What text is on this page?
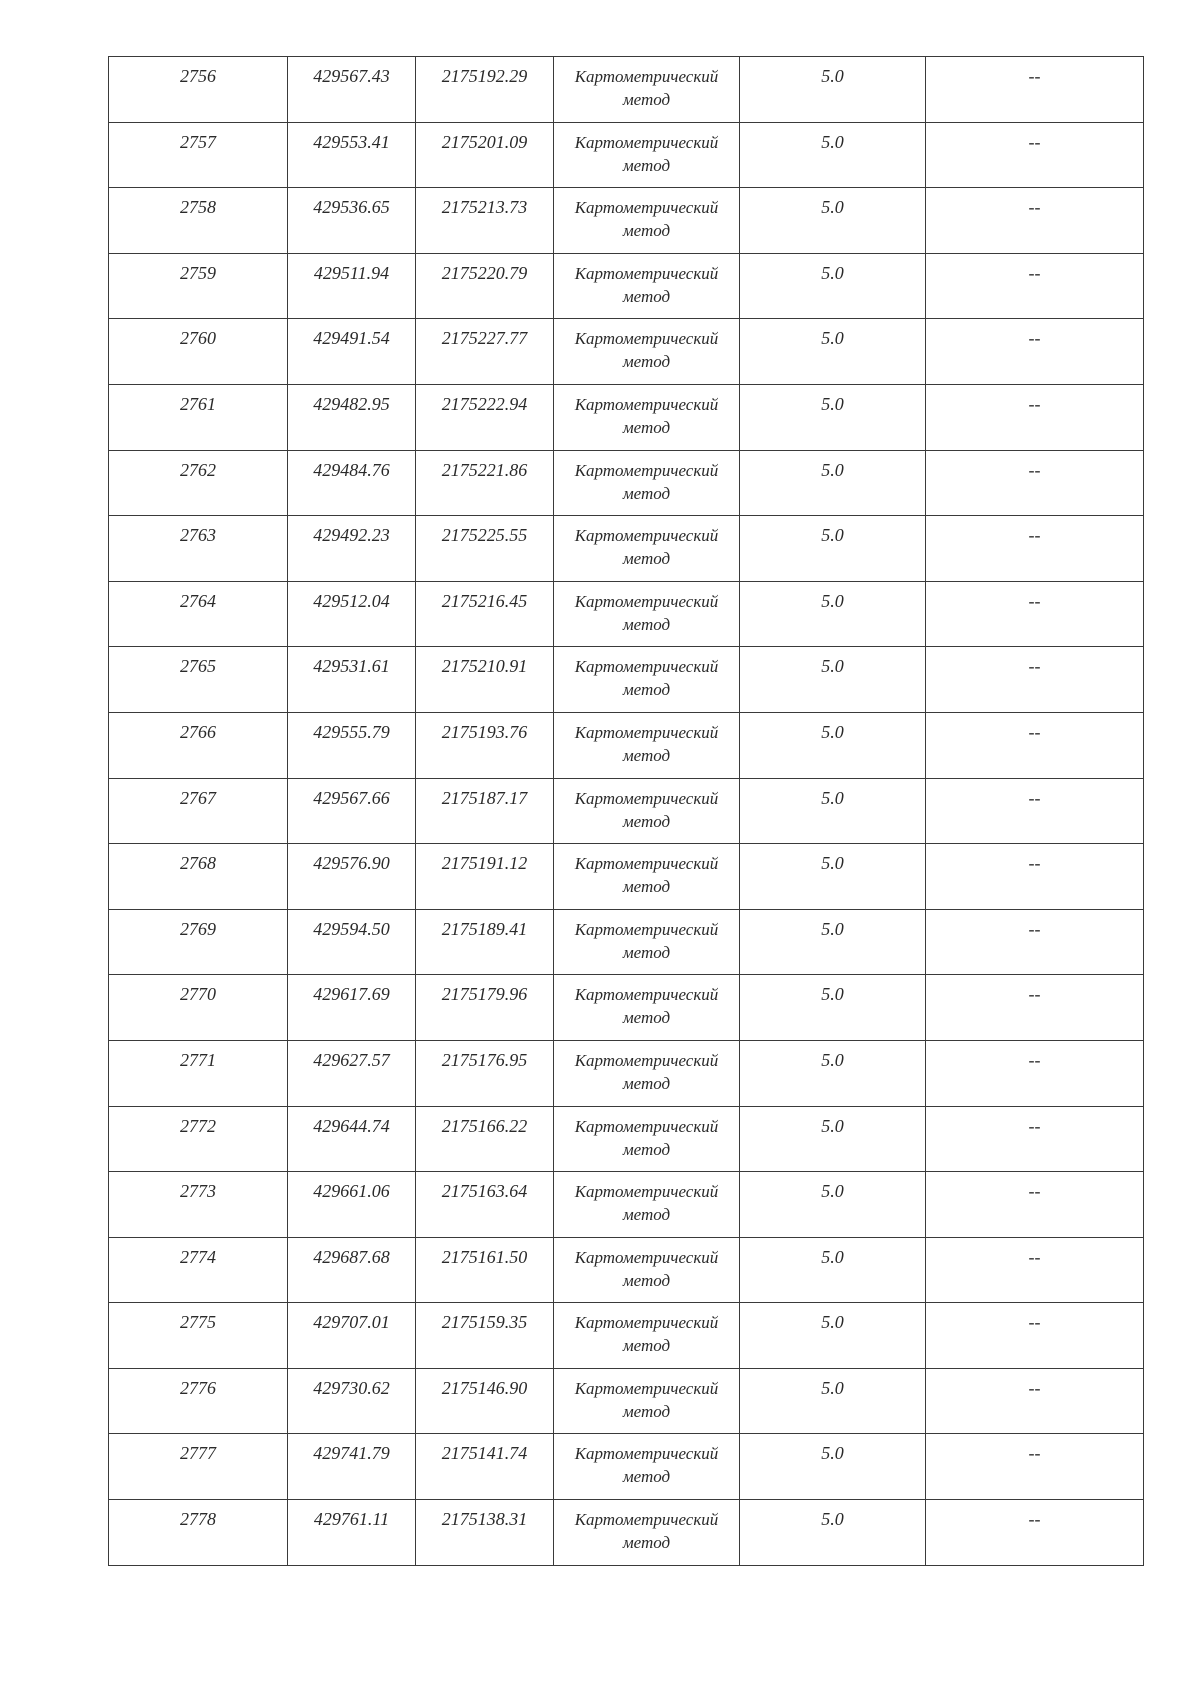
2756	429567.43	2175192.29	Картометрический метод	5.0	--
2757	429553.41	2175201.09	Картометрический метод	5.0	--
2758	429536.65	2175213.73	Картометрический метод	5.0	--
2759	429511.94	2175220.79	Картометрический метод	5.0	--
2760	429491.54	2175227.77	Картометрический метод	5.0	--
2761	429482.95	2175222.94	Картометрический метод	5.0	--
2762	429484.76	2175221.86	Картометрический метод	5.0	--
2763	429492.23	2175225.55	Картометрический метод	5.0	--
2764	429512.04	2175216.45	Картометрический метод	5.0	--
2765	429531.61	2175210.91	Картометрический метод	5.0	--
2766	429555.79	2175193.76	Картометрический метод	5.0	--
2767	429567.66	2175187.17	Картометрический метод	5.0	--
2768	429576.90	2175191.12	Картометрический метод	5.0	--
2769	429594.50	2175189.41	Картометрический метод	5.0	--
2770	429617.69	2175179.96	Картометрический метод	5.0	--
2771	429627.57	2175176.95	Картометрический метод	5.0	--
2772	429644.74	2175166.22	Картометрический метод	5.0	--
2773	429661.06	2175163.64	Картометрический метод	5.0	--
2774	429687.68	2175161.50	Картометрический метод	5.0	--
2775	429707.01	2175159.35	Картометрический метод	5.0	--
2776	429730.62	2175146.90	Картометрический метод	5.0	--
2777	429741.79	2175141.74	Картометрический метод	5.0	--
2778	429761.11	2175138.31	Картометрический метод	5.0	--
